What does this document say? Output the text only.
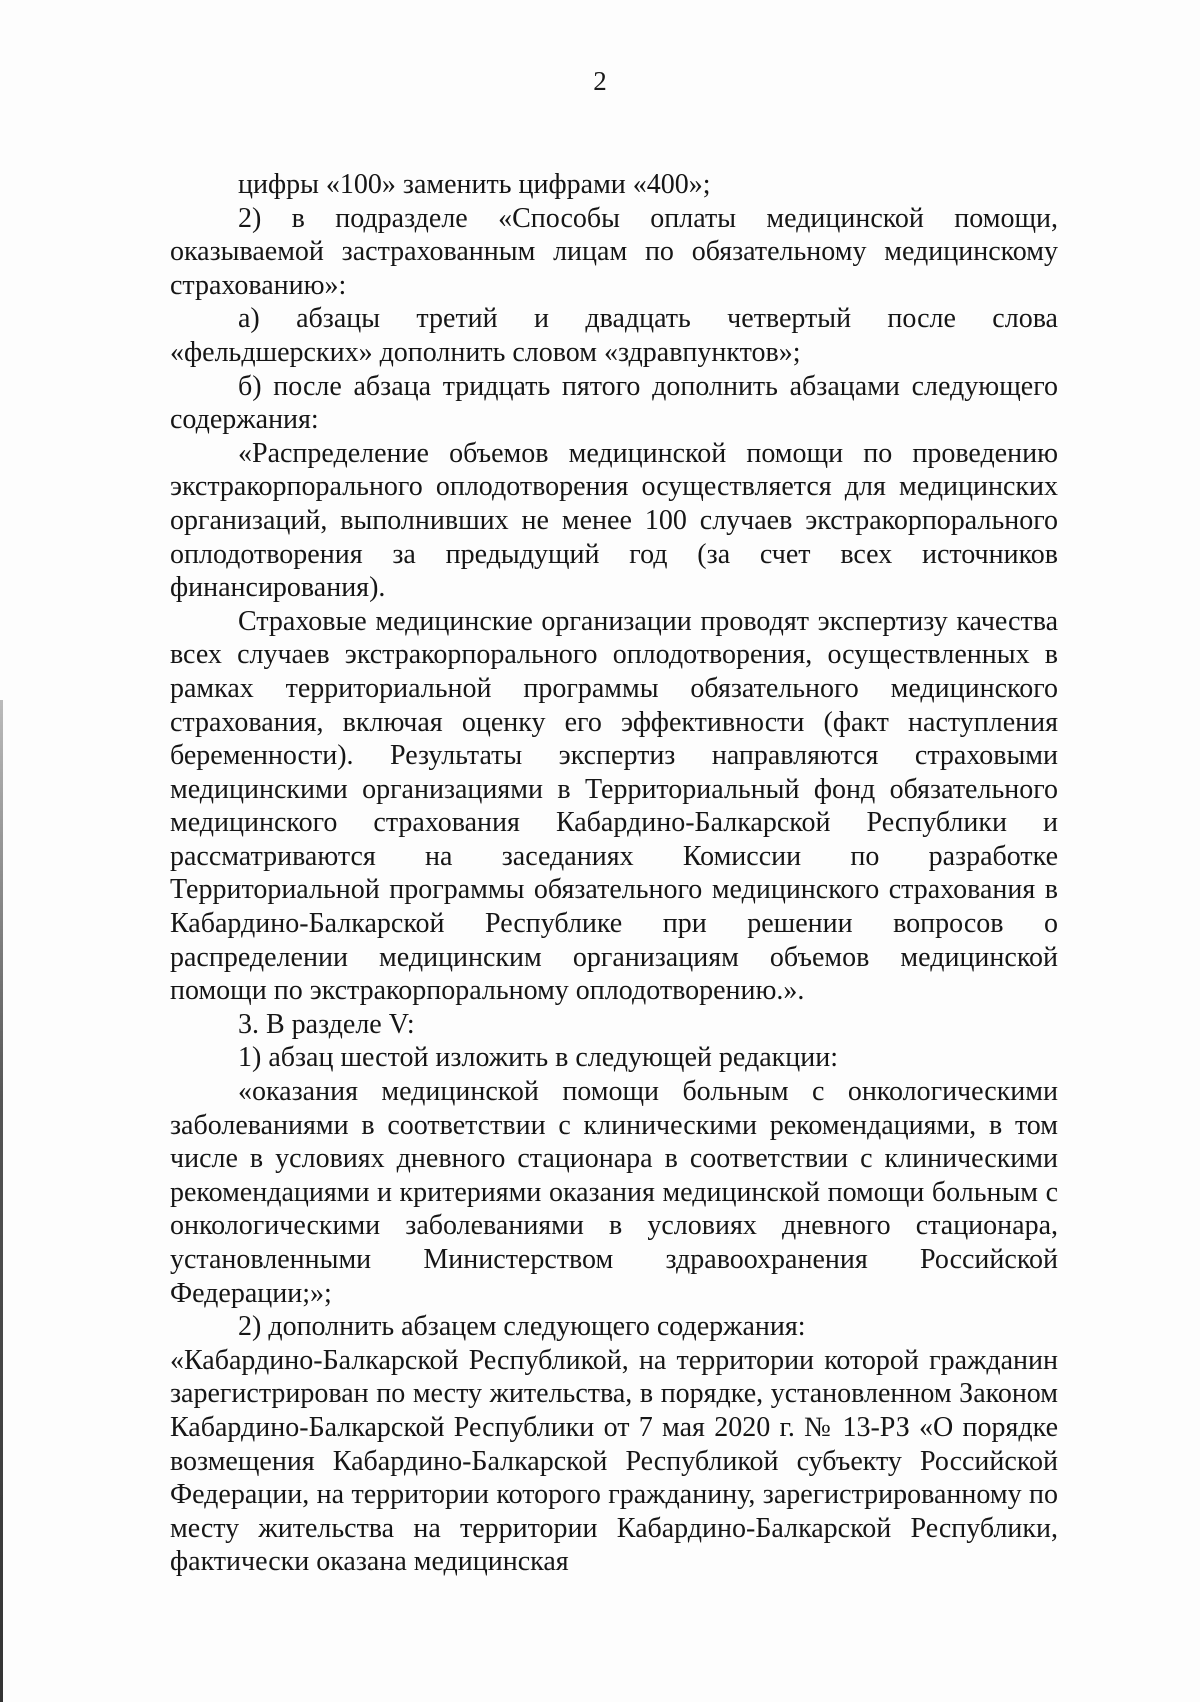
2

цифры «100» заменить цифрами «400»;

2) в подразделе «Способы оплаты медицинской помощи, оказываемой застрахованным лицам по обязательному медицинскому страхованию»:

а) абзацы третий и двадцать четвертый после слова «фельдшерских» дополнить словом «здравпунктов»;

б) после абзаца тридцать пятого дополнить абзацами следующего содержания:

«Распределение объемов медицинской помощи по проведению экстракорпорального оплодотворения осуществляется для медицинских организаций, выполнивших не менее 100 случаев экстракорпорального оплодотворения за предыдущий год (за счет всех источников финансирования).

Страховые медицинские организации проводят экспертизу качества всех случаев экстракорпорального оплодотворения, осуществленных в рамках территориальной программы обязательного медицинского страхования, включая оценку его эффективности (факт наступления беременности). Результаты экспертиз направляются страховыми медицинскими организациями в Территориальный фонд обязательного медицинского страхования Кабардино-Балкарской Республики и рассматриваются на заседаниях Комиссии по разработке Территориальной программы обязательного медицинского страхования в Кабардино-Балкарской Республике при решении вопросов о распределении медицинским организациям объемов медицинской помощи по экстракорпоральному оплодотворению.».

3. В разделе V:

1) абзац шестой изложить в следующей редакции:

«оказания медицинской помощи больным с онкологическими заболеваниями в соответствии с клиническими рекомендациями, в том числе в условиях дневного стационара в соответствии с клиническими рекомендациями и критериями оказания медицинской помощи больным с онкологическими заболеваниями в условиях дневного стационара, установленными Министерством здравоохранения Российской Федерации;»;

2) дополнить абзацем следующего содержания:

«Кабардино-Балкарской Республикой, на территории которой гражданин зарегистрирован по месту жительства, в порядке, установленном Законом Кабардино-Балкарской Республики от 7 мая 2020 г. № 13-РЗ «О порядке возмещения Кабардино-Балкарской Республикой субъекту Российской Федерации, на территории которого гражданину, зарегистрированному по месту жительства на территории Кабардино-Балкарской Республики, фактически оказана медицинская
